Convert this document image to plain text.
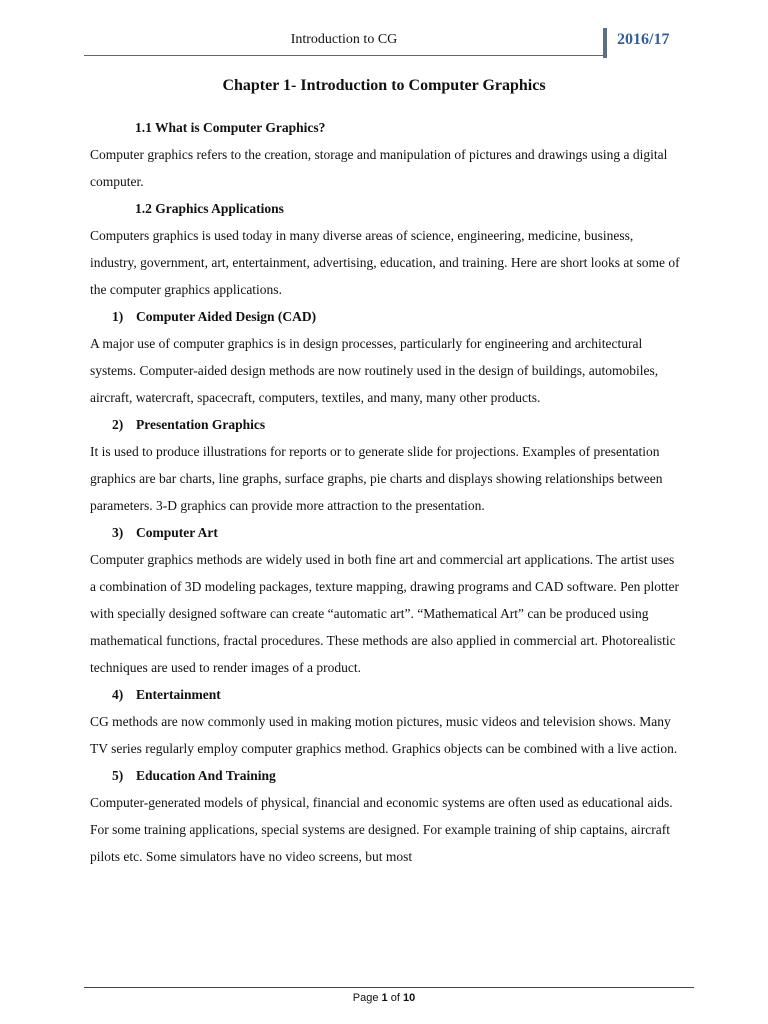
Introduction to CG	2016/17
Chapter 1- Introduction to Computer Graphics

1.1 What is Computer Graphics?

Computer graphics refers to the creation, storage and manipulation of pictures and drawings using a digital computer.

1.2 Graphics Applications

Computers graphics is used today in many diverse areas of science, engineering, medicine, business, industry, government, art, entertainment, advertising, education, and training. Here are short looks at some of the computer graphics applications.

1) Computer Aided Design (CAD)

A major use of computer graphics is in design processes, particularly for engineering and architectural systems. Computer-aided design methods are now routinely used in the design of buildings, automobiles, aircraft, watercraft, spacecraft, computers, textiles, and many, many other products.

2) Presentation Graphics

It is used to produce illustrations for reports or to generate slide for projections. Examples of presentation graphics are bar charts, line graphs, surface graphs, pie charts and displays showing relationships between parameters. 3-D graphics can provide more attraction to the presentation.

3) Computer Art

Computer graphics methods are widely used in both fine art and commercial art applications. The artist uses a combination of 3D modeling packages, texture mapping, drawing programs and CAD software. Pen plotter with specially designed software can create “automatic art”. “Mathematical Art” can be produced using mathematical functions, fractal procedures. These methods are also applied in commercial art. Photorealistic techniques are used to render images of a product.

4) Entertainment

CG methods are now commonly used in making motion pictures, music videos and television shows. Many TV series regularly employ computer graphics method. Graphics objects can be combined with a live action.

5) Education And Training

Computer-generated models of physical, financial and economic systems are often used as educational aids. For some training applications, special systems are designed. For example training of ship captains, aircraft pilots etc. Some simulators have no video screens, but most

Page 1 of 10
